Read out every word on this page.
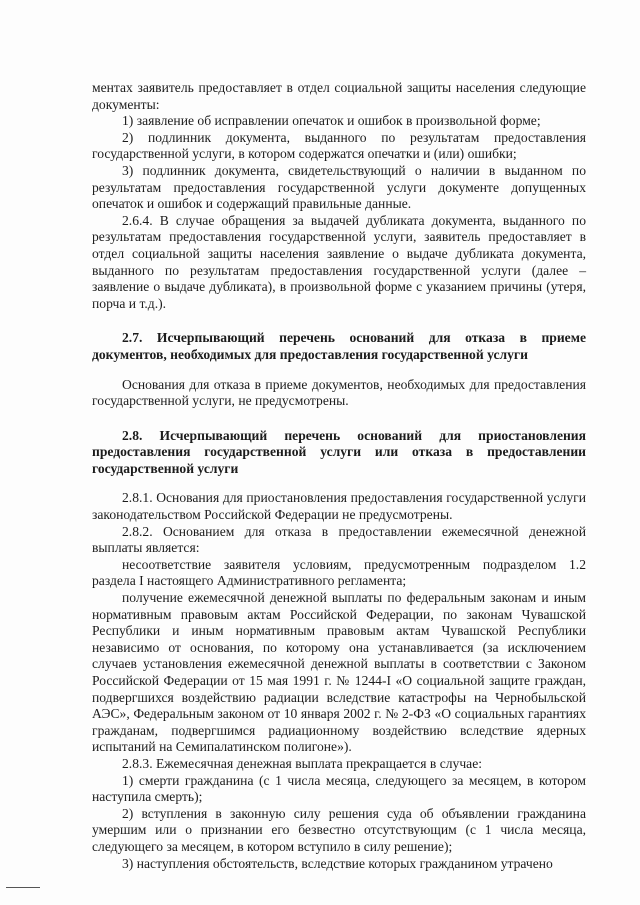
ментах заявитель предоставляет в отдел социальной защиты населения следующие документы:

1) заявление об исправлении опечаток и ошибок в произвольной форме;

2) подлинник документа, выданного по результатам предоставления государственной услуги, в котором содержатся опечатки и (или) ошибки;

3) подлинник документа, свидетельствующий о наличии в выданном по результатам предоставления государственной услуги документе допущенных опечаток и ошибок и содержащий правильные данные.

2.6.4. В случае обращения за выдачей дубликата документа, выданного по результатам предоставления государственной услуги, заявитель предоставляет в отдел социальной защиты населения заявление о выдаче дубликата документа, выданного по результатам предоставления государственной услуги (далее – заявление о выдаче дубликата), в произвольной форме с указанием причины (утеря, порча и т.д.).

2.7. Исчерпывающий перечень оснований для отказа в приеме документов, необходимых для предоставления государственной услуги

Основания для отказа в приеме документов, необходимых для предоставления государственной услуги, не предусмотрены.

2.8. Исчерпывающий перечень оснований для приостановления предоставления государственной услуги или отказа в предоставлении государственной услуги

2.8.1. Основания для приостановления предоставления государственной услуги законодательством Российской Федерации не предусмотрены.

2.8.2. Основанием для отказа в предоставлении ежемесячной денежной выплаты является:

несоответствие заявителя условиям, предусмотренным подразделом 1.2 раздела I настоящего Административного регламента;

получение ежемесячной денежной выплаты по федеральным законам и иным нормативным правовым актам Российской Федерации, по законам Чувашской Республики и иным нормативным правовым актам Чувашской Республики независимо от основания, по которому она устанавливается (за исключением случаев установления ежемесячной денежной выплаты в соответствии с Законом Российской Федерации от 15 мая 1991 г. № 1244-I «О социальной защите граждан, подвергшихся воздействию радиации вследствие катастрофы на Чернобыльской АЭС», Федеральным законом от 10 января 2002 г. № 2-ФЗ «О социальных гарантиях гражданам, подвергшимся радиационному воздействию вследствие ядерных испытаний на Семипалатинском полигоне»).

2.8.3. Ежемесячная денежная выплата прекращается в случае:

1) смерти гражданина (с 1 числа месяца, следующего за месяцем, в котором наступила смерть);

2) вступления в законную силу решения суда об объявлении гражданина умершим или о признании его безвестно отсутствующим (с 1 числа месяца, следующего за месяцем, в котором вступило в силу решение);

3) наступления обстоятельств, вследствие которых гражданином утрачено
